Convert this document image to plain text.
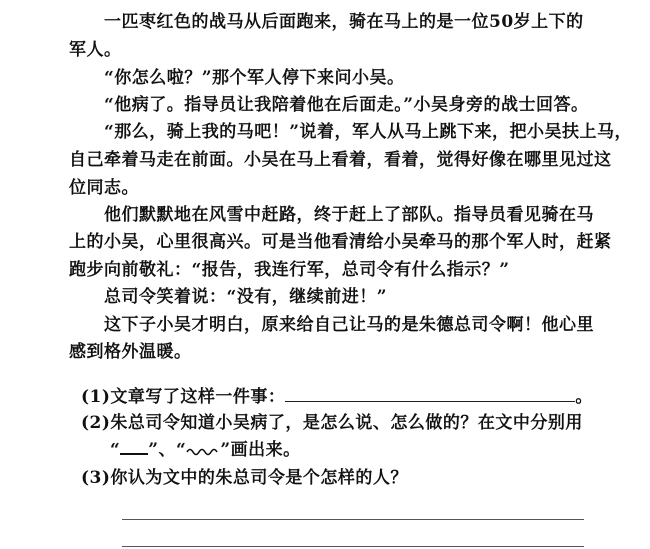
一匹枣红色的战马从后面跑来，骑在马上的是一位50岁上下的
军人。
“你怎么啦？”那个军人停下来问小吴。
“他病了。指导员让我陪着他在后面走。”小吴身旁的战士回答。
“那么，骑上我的马吧！”说着，军人从马上跳下来，把小吴扶上马，
自己牵着马走在前面。小吴在马上看着，看着，觉得好像在哪里见过这
位同志。
他们默默地在风雪中赶路，终于赶上了部队。指导员看见骑在马
上的小吴，心里很高兴。可是当他看清给小吴牵马的那个军人时，赶紧
跑步向前敬礼：“报告，我连行军，总司令有什么指示？”
总司令笑着说：“没有，继续前进！”
这下子小吴才明白，原来给自己让马的是朱德总司令啊！他心里
感到格外温暖。
(1)文章写了这样一件事：	。
(2)朱总司令知道小吴病了，是怎么说、怎么做的？在文中分别用
“ ”、“ ”画出来。
(3)你认为文中的朱总司令是个怎样的人？
